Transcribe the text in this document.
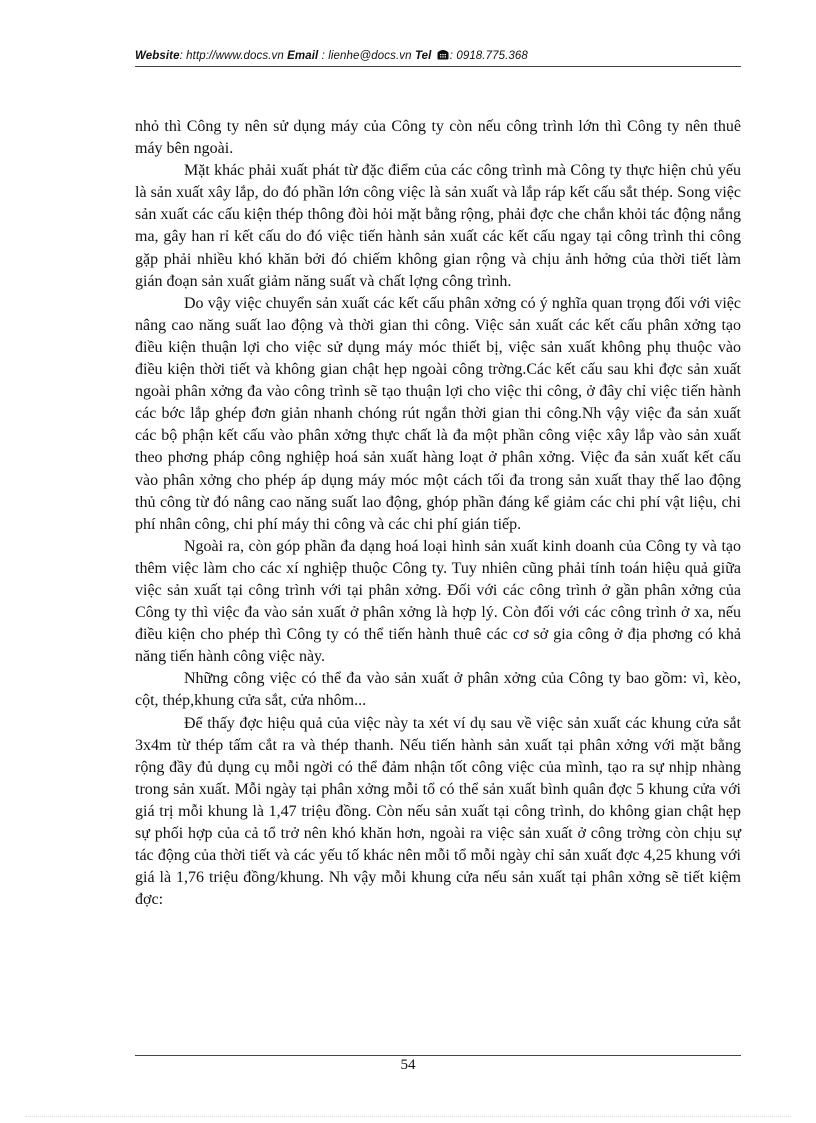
Website: http://www.docs.vn Email : lienhe@docs.vn Tel : 0918.775.368

nhỏ thì Công ty nên sử dụng máy của Công ty còn nếu công trình lớn thì Công ty nên thuê máy bên ngoài.

Mặt khác phải xuất phát từ đặc điểm của các công trình mà Công ty thực hiện chủ yếu là sản xuất xây lắp, do đó phần lớn công việc là sản xuất và lắp ráp kết cấu sắt thép. Song việc sản xuất các cấu kiện thép thông đòi hỏi mặt bằng rộng, phải đợc che chắn khỏi tác động nắng ma, gây han rỉ kết cấu do đó việc tiến hành sản xuất các kết cấu ngay tại công trình thi công gặp phải nhiều khó khăn bởi đó chiếm không gian rộng và chịu ảnh hởng của thời tiết làm gián đoạn sản xuất giảm năng suất và chất lợng công trình.

Do vậy việc chuyển sản xuất các kết cấu phân xởng có ý nghĩa quan trọng đối với việc nâng cao năng suất lao động và thời gian thi công. Việc sản xuất các kết cấu phân xởng tạo điều kiện thuận lợi cho việc sử dụng máy móc thiết bị, việc sản xuất không phụ thuộc vào điều kiện thời tiết và không gian chật hẹp ngoài công trờng.Các kết cấu sau khi đợc sản xuất ngoài phân xởng đa vào công trình sẽ tạo thuận lợi cho việc thi công, ở đây chỉ việc tiến hành các bớc lắp ghép đơn giản nhanh chóng rút ngắn thời gian thi công.Nh vậy việc đa sản xuất các bộ phận kết cấu vào phân xởng thực chất là đa một phần công việc xây lắp vào sản xuất theo phơng pháp công nghiệp hoá sản xuất hàng loạt ở phân xởng. Việc đa sản xuất kết cấu vào phân xởng cho phép áp dụng máy móc một cách tối đa trong sản xuất thay thế lao động thủ công từ đó nâng cao năng suất lao động, ghóp phần đáng kể giảm các chi phí vật liệu, chi phí nhân công, chi phí máy thi công và các chi phí gián tiếp.

Ngoài ra, còn góp phần đa dạng hoá loại hình sản xuất kinh doanh của Công ty và tạo thêm việc làm cho các xí nghiệp thuộc Công ty. Tuy nhiên cũng phải tính toán hiệu quả giữa việc sản xuất tại công trình với tại phân xởng. Đối với các công trình ở gần phân xởng của Công ty thì việc đa vào sản xuất ở phân xởng là hợp lý. Còn đối với các công trình ở xa, nếu điều kiện cho phép thì Công ty có thể tiến hành thuê các cơ sở gia công ở địa phơng có khả năng tiến hành công việc này.

Những công việc có thể đa vào sản xuất ở phân xởng của Công ty bao gồm: vì, kèo, cột, thép,khung cửa sắt, cửa nhôm...

Để thấy đợc hiệu quả của việc này ta xét ví dụ sau về việc sản xuất các khung cửa sắt 3x4m từ thép tấm cắt ra và thép thanh. Nếu tiến hành sản xuất tại phân xởng với mặt bằng rộng đầy đủ dụng cụ mỗi ngời có thể đảm nhận tốt công việc của mình, tạo ra sự nhịp nhàng trong sản xuất. Mỗi ngày tại phân xởng mỗi tổ có thể sản xuất bình quân đợc 5 khung cửa với giá trị mỗi khung là 1,47 triệu đồng. Còn nếu sản xuất tại công trình, do không gian chật hẹp sự phối hợp của cả tổ trở nên khó khăn hơn, ngoài ra việc sản xuất ở công trờng còn chịu sự tác động của thời tiết và các yếu tố khác nên mỗi tổ mỗi ngày chỉ sản xuất đợc 4,25 khung với giá là 1,76 triệu đồng/khung. Nh vậy mỗi khung cửa nếu sản xuất tại phân xởng sẽ tiết kiệm đợc:

54
